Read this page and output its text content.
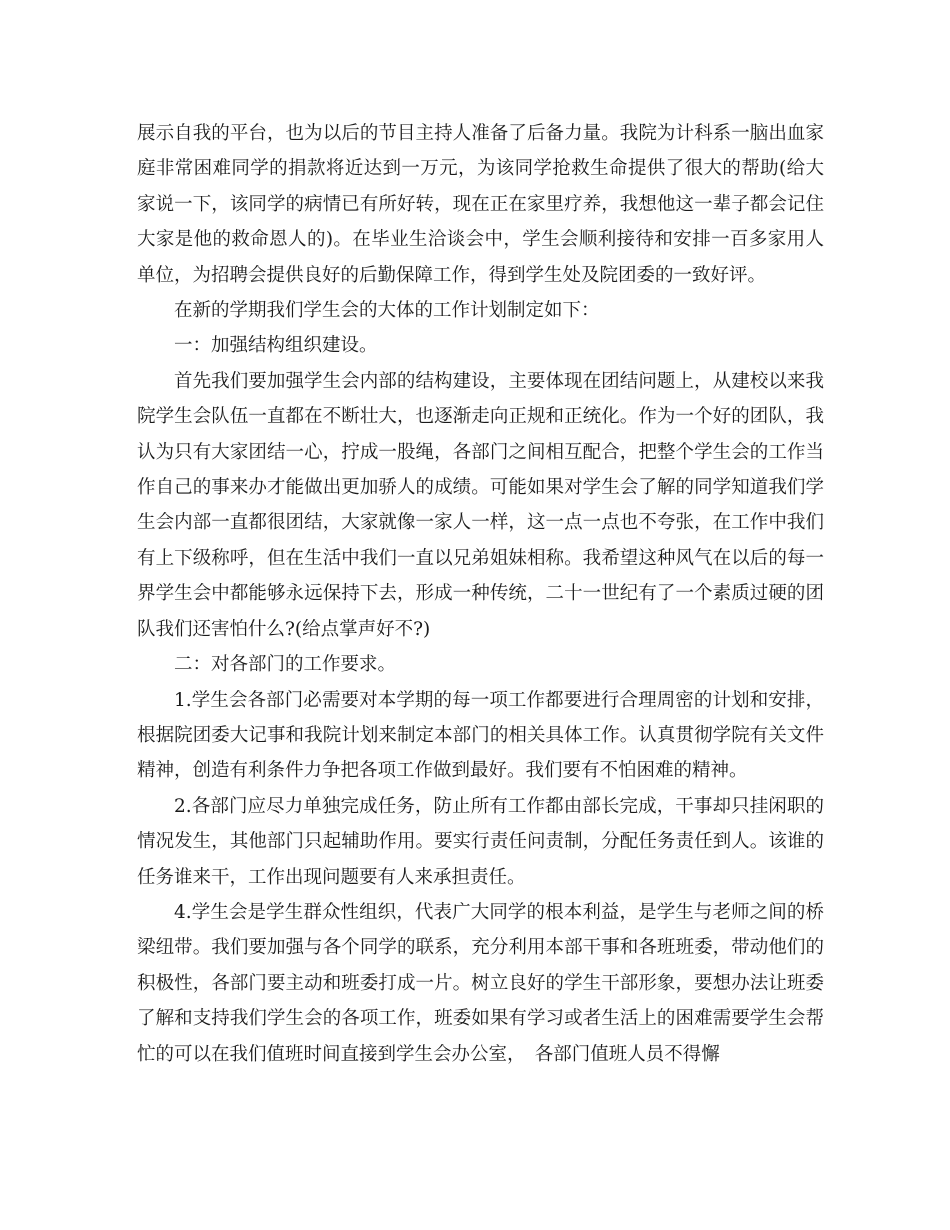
展示自我的平台，也为以后的节目主持人准备了后备力量。我院为计科系一脑出血家庭非常困难同学的捐款将近达到一万元，为该同学抢救生命提供了很大的帮助(给大家说一下，该同学的病情已有所好转，现在正在家里疗养，我想他这一辈子都会记住大家是他的救命恩人的)。在毕业生洽谈会中，学生会顺利接待和安排一百多家用人单位，为招聘会提供良好的后勤保障工作，得到学生处及院团委的一致好评。

在新的学期我们学生会的大体的工作计划制定如下：

一：加强结构组织建设。

首先我们要加强学生会内部的结构建设，主要体现在团结问题上，从建校以来我院学生会队伍一直都在不断壮大，也逐渐走向正规和正统化。作为一个好的团队，我认为只有大家团结一心，拧成一股绳，各部门之间相互配合，把整个学生会的工作当作自己的事来办才能做出更加骄人的成绩。可能如果对学生会了解的同学知道我们学生会内部一直都很团结，大家就像一家人一样，这一点一点也不夸张，在工作中我们有上下级称呼，但在生活中我们一直以兄弟姐妹相称。我希望这种风气在以后的每一界学生会中都能够永远保持下去，形成一种传统，二十一世纪有了一个素质过硬的团队我们还害怕什么?(给点掌声好不?)

二：对各部门的工作要求。

1.学生会各部门必需要对本学期的每一项工作都要进行合理周密的计划和安排，根据院团委大记事和我院计划来制定本部门的相关具体工作。认真贯彻学院有关文件精神，创造有利条件力争把各项工作做到最好。我们要有不怕困难的精神。

2.各部门应尽力单独完成任务，防止所有工作都由部长完成，干事却只挂闲职的情况发生，其他部门只起辅助作用。要实行责任问责制，分配任务责任到人。该谁的任务谁来干，工作出现问题要有人来承担责任。

4.学生会是学生群众性组织，代表广大同学的根本利益，是学生与老师之间的桥梁纽带。我们要加强与各个同学的联系，充分利用本部干事和各班班委，带动他们的积极性，各部门要主动和班委打成一片。树立良好的学生干部形象，要想办法让班委了解和支持我们学生会的各项工作，班委如果有学习或者生活上的困难需要学生会帮忙的可以在我们值班时间直接到学生会办公室，　各部门值班人员不得懈
